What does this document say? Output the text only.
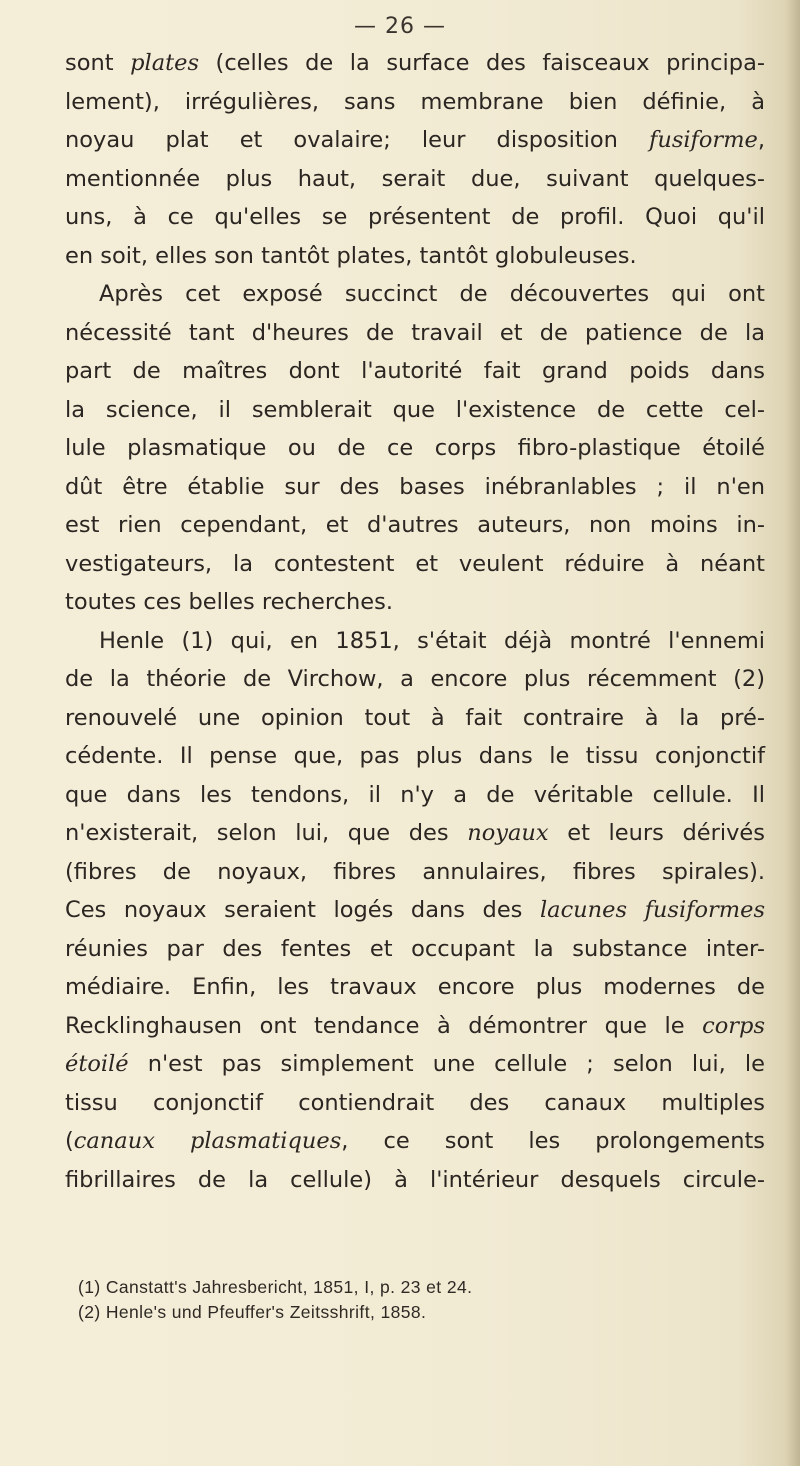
— 26 —
sont plates (celles de la surface des faisceaux principa-
lement), irrégulières, sans membrane bien définie, à
noyau plat et ovalaire; leur disposition fusiforme,
mentionnée plus haut, serait due, suivant quelques-
uns, à ce qu'elles se présentent de profil. Quoi qu'il
en soit, elles son tantôt plates, tantôt globuleuses.
Après cet exposé succinct de découvertes qui ont
nécessité tant d'heures de travail et de patience de la
part de maîtres dont l'autorité fait grand poids dans
la science, il semblerait que l'existence de cette cel-
lule plasmatique ou de ce corps fibro-plastique étoilé
dût être établie sur des bases inébranlables ; il n'en
est rien cependant, et d'autres auteurs, non moins in-
vestigateurs, la contestent et veulent réduire à néant
toutes ces belles recherches.
Henle (1) qui, en 1851, s'était déjà montré l'ennemi
de la théorie de Virchow, a encore plus récemment (2)
renouvelé une opinion tout à fait contraire à la pré-
cédente. Il pense que, pas plus dans le tissu conjonctif
que dans les tendons, il n'y a de véritable cellule. Il
n'existerait, selon lui, que des noyaux et leurs dérivés
(fibres de noyaux, fibres annulaires, fibres spirales).
Ces noyaux seraient logés dans des lacunes fusiformes
réunies par des fentes et occupant la substance inter-
médiaire. Enfin, les travaux encore plus modernes de
Recklinghausen ont tendance à démontrer que le corps
étoilé n'est pas simplement une cellule ; selon lui, le
tissu conjonctif contiendrait des canaux multiples
(canaux plasmatiques, ce sont les prolongements
fibrillaires de la cellule) à l'intérieur desquels circule-
(1) Canstatt's Jahresbericht, 1851, I, p. 23 et 24.
(2) Henle's und Pfeuffer's Zeitsshrift, 1858.
